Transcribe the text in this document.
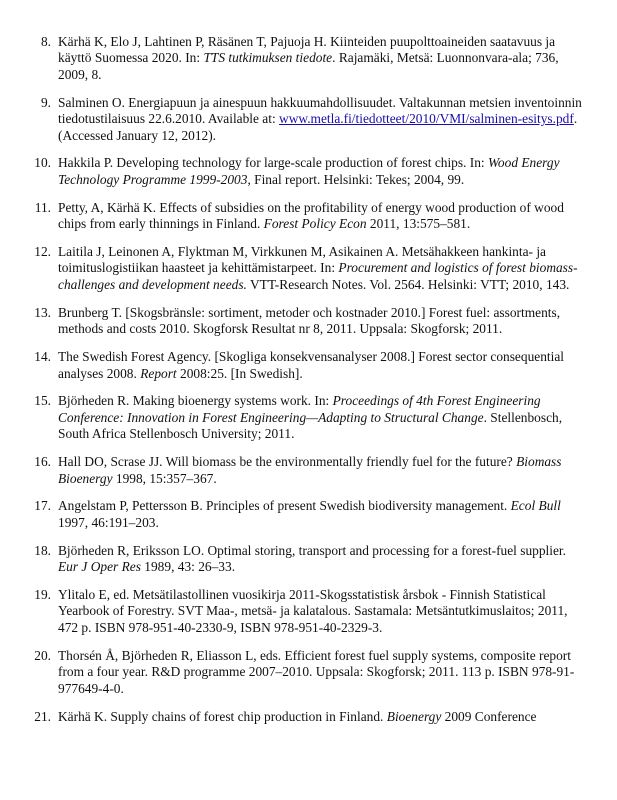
8. Kärhä K, Elo J, Lahtinen P, Räsänen T, Pajuoja H. Kiinteiden puupolttoaineiden saatavuus ja käyttö Suomessa 2020. In: TTS tutkimuksen tiedote. Rajamäki, Metsä: Luonnonvara-ala; 736, 2009, 8.
9. Salminen O. Energiapuun ja ainespuun hakkuumahdollisuudet. Valtakunnan metsien inventoinnin tiedotustilaisuus 22.6.2010. Available at: www.metla.fi/tiedotteet/2010/VMI/salminen-esitys.pdf. (Accessed January 12, 2012).
10. Hakkila P. Developing technology for large-scale production of forest chips. In: Wood Energy Technology Programme 1999-2003, Final report. Helsinki: Tekes; 2004, 99.
11. Petty, A, Kärhä K. Effects of subsidies on the profitability of energy wood production of wood chips from early thinnings in Finland. Forest Policy Econ 2011, 13:575–581.
12. Laitila J, Leinonen A, Flyktman M, Virkkunen M, Asikainen A. Metsähakkeen hankinta- ja toimituslogistiikan haasteet ja kehittämistarpeet. In: Procurement and logistics of forest biomass- challenges and development needs. VTT-Research Notes. Vol. 2564. Helsinki: VTT; 2010, 143.
13. Brunberg T. [Skogsbränsle: sortiment, metoder och kostnader 2010.] Forest fuel: assortments, methods and costs 2010. Skogforsk Resultat nr 8, 2011. Uppsala: Skogforsk; 2011.
14. The Swedish Forest Agency. [Skogliga konsekvensanalyser 2008.] Forest sector consequential analyses 2008. Report 2008:25. [In Swedish].
15. Björheden R. Making bioenergy systems work. In: Proceedings of 4th Forest Engineering Conference: Innovation in Forest Engineering—Adapting to Structural Change. Stellenbosch, South Africa Stellenbosch University; 2011.
16. Hall DO, Scrase JJ. Will biomass be the environmentally friendly fuel for the future? Biomass Bioenergy 1998, 15:357–367.
17. Angelstam P, Pettersson B. Principles of present Swedish biodiversity management. Ecol Bull 1997, 46:191–203.
18. Björheden R, Eriksson LO. Optimal storing, transport and processing for a forest-fuel supplier. Eur J Oper Res 1989, 43: 26–33.
19. Ylitalo E, ed. Metsätilastollinen vuosikirja 2011-Skogsstatistisk årsbok - Finnish Statistical Yearbook of Forestry. SVT Maa-, metsä- ja kalatalous. Sastamala: Metsäntutkimuslaitos; 2011, 472 p. ISBN 978-951-40-2330-9, ISBN 978-951-40-2329-3.
20. Thorsén Å, Björheden R, Eliasson L, eds. Efficient forest fuel supply systems, composite report from a four year. R&D programme 2007–2010. Uppsala: Skogforsk; 2011. 113 p. ISBN 978-91-977649-4-0.
21. Kärhä K. Supply chains of forest chip production in Finland. Bioenergy 2009 Conference
